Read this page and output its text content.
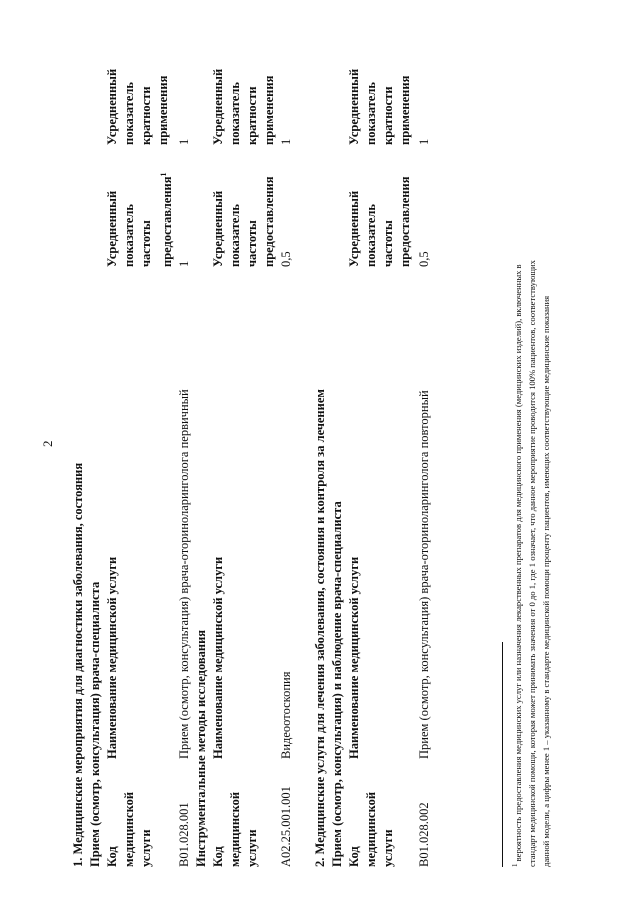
2
1. Медицинские мероприятия для диагностики заболевания, состояния Прием (осмотр, консультация) врача-специалиста Код медицинской услуги
Наименование медицинской услуги
Усредненный показатель частоты предоставления$^1$
Усредненный показатель кратности применения
B01.028.001
Прием (осмотр, консультация) врача-оториноларинголога первичный
1
1
Инструментальные методы исследования Код медицинской услуги
Наименование медицинской услуги
Усредненный показатель частоты предоставления
Усредненный показатель кратности применения
A02.25.001.001
Видеоотоскопия
0,5
1
2. Медицинские услуги для лечения заболевания, состояния и контроля за лечением Прием (осмотр, консультация) и наблюдение врача-специалиста Код медицинской услуги
Наименование медицинской услуги
Усредненный показатель частоты предоставления
Усредненный показатель кратности применения
B01.028.002
Прием (осмотр, консультация) врача-оториноларинголога повторный
0,5
1
$^1$ вероятность предоставления медицинских услуг или назначения лекарственных препаратов для медицинского применения (медицинских изделий), включенных в стандарт медицинской помощи, которая может принимать значения от 0 до 1, где 1 означает, что данное мероприятие проводится 100% пациентов, соответствующих данной модели, а цифры менее 1 – указанному в стандарте медицинской помощи проценту пациентов, имеющих соответствующие медицинские показания
